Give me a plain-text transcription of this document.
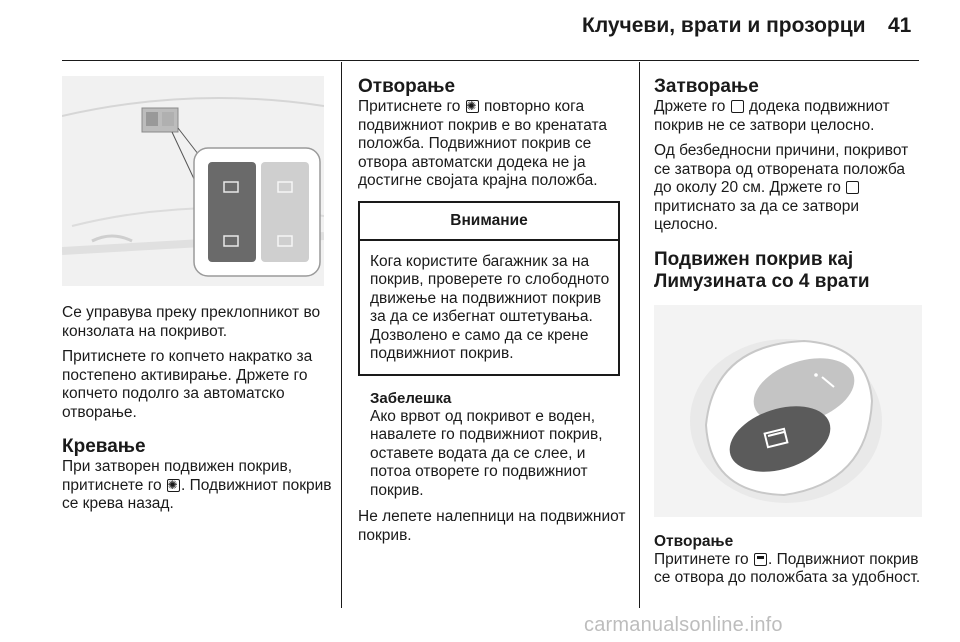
Клучеви, врати и прозорци 41

Се управува преку преклопникот во конзолата на покривот.

Притиснете го копчето накратко за постепено активирање. Држете го копчето подолго за автоматско отворање.

Кревање

При затворен подвижен покрив, притиснете го ✺ . Подвижниот покрив се крева назад.

Отворање

Притиснете го ✺ повторно кога подвижниот покрив е во кренатата положба. Подвижниот покрив се отвора автоматски додека не ја достигне својата крајна положба.

Внимание
Кога користите багажник за на покрив, проверете го слободното движење на подвижниот покрив за да се избегнат оштетувања. Дозволено е само да се крене подвижниот покрив.
Забелешка
Ако врвот од покривот е воден, навалете го подвижниот покрив, оставете водата да се слее, и потоа отворете го подвижниот покрив.

Не лепете налепници на подвижниот покрив.

Затворање

Држете го додека подвижниот покрив не се затвори целосно.

Од безбедносни причини, покривот се затвора од отворената положба до околу 20 см. Држете го  притиснато за да се затвори целосно.

Подвижен покрив кај Лимузината со 4 врати
Отворање

Притинете го . Подвижниот покрив се отвора до положбата за удобност.

carmanualsonline.info
